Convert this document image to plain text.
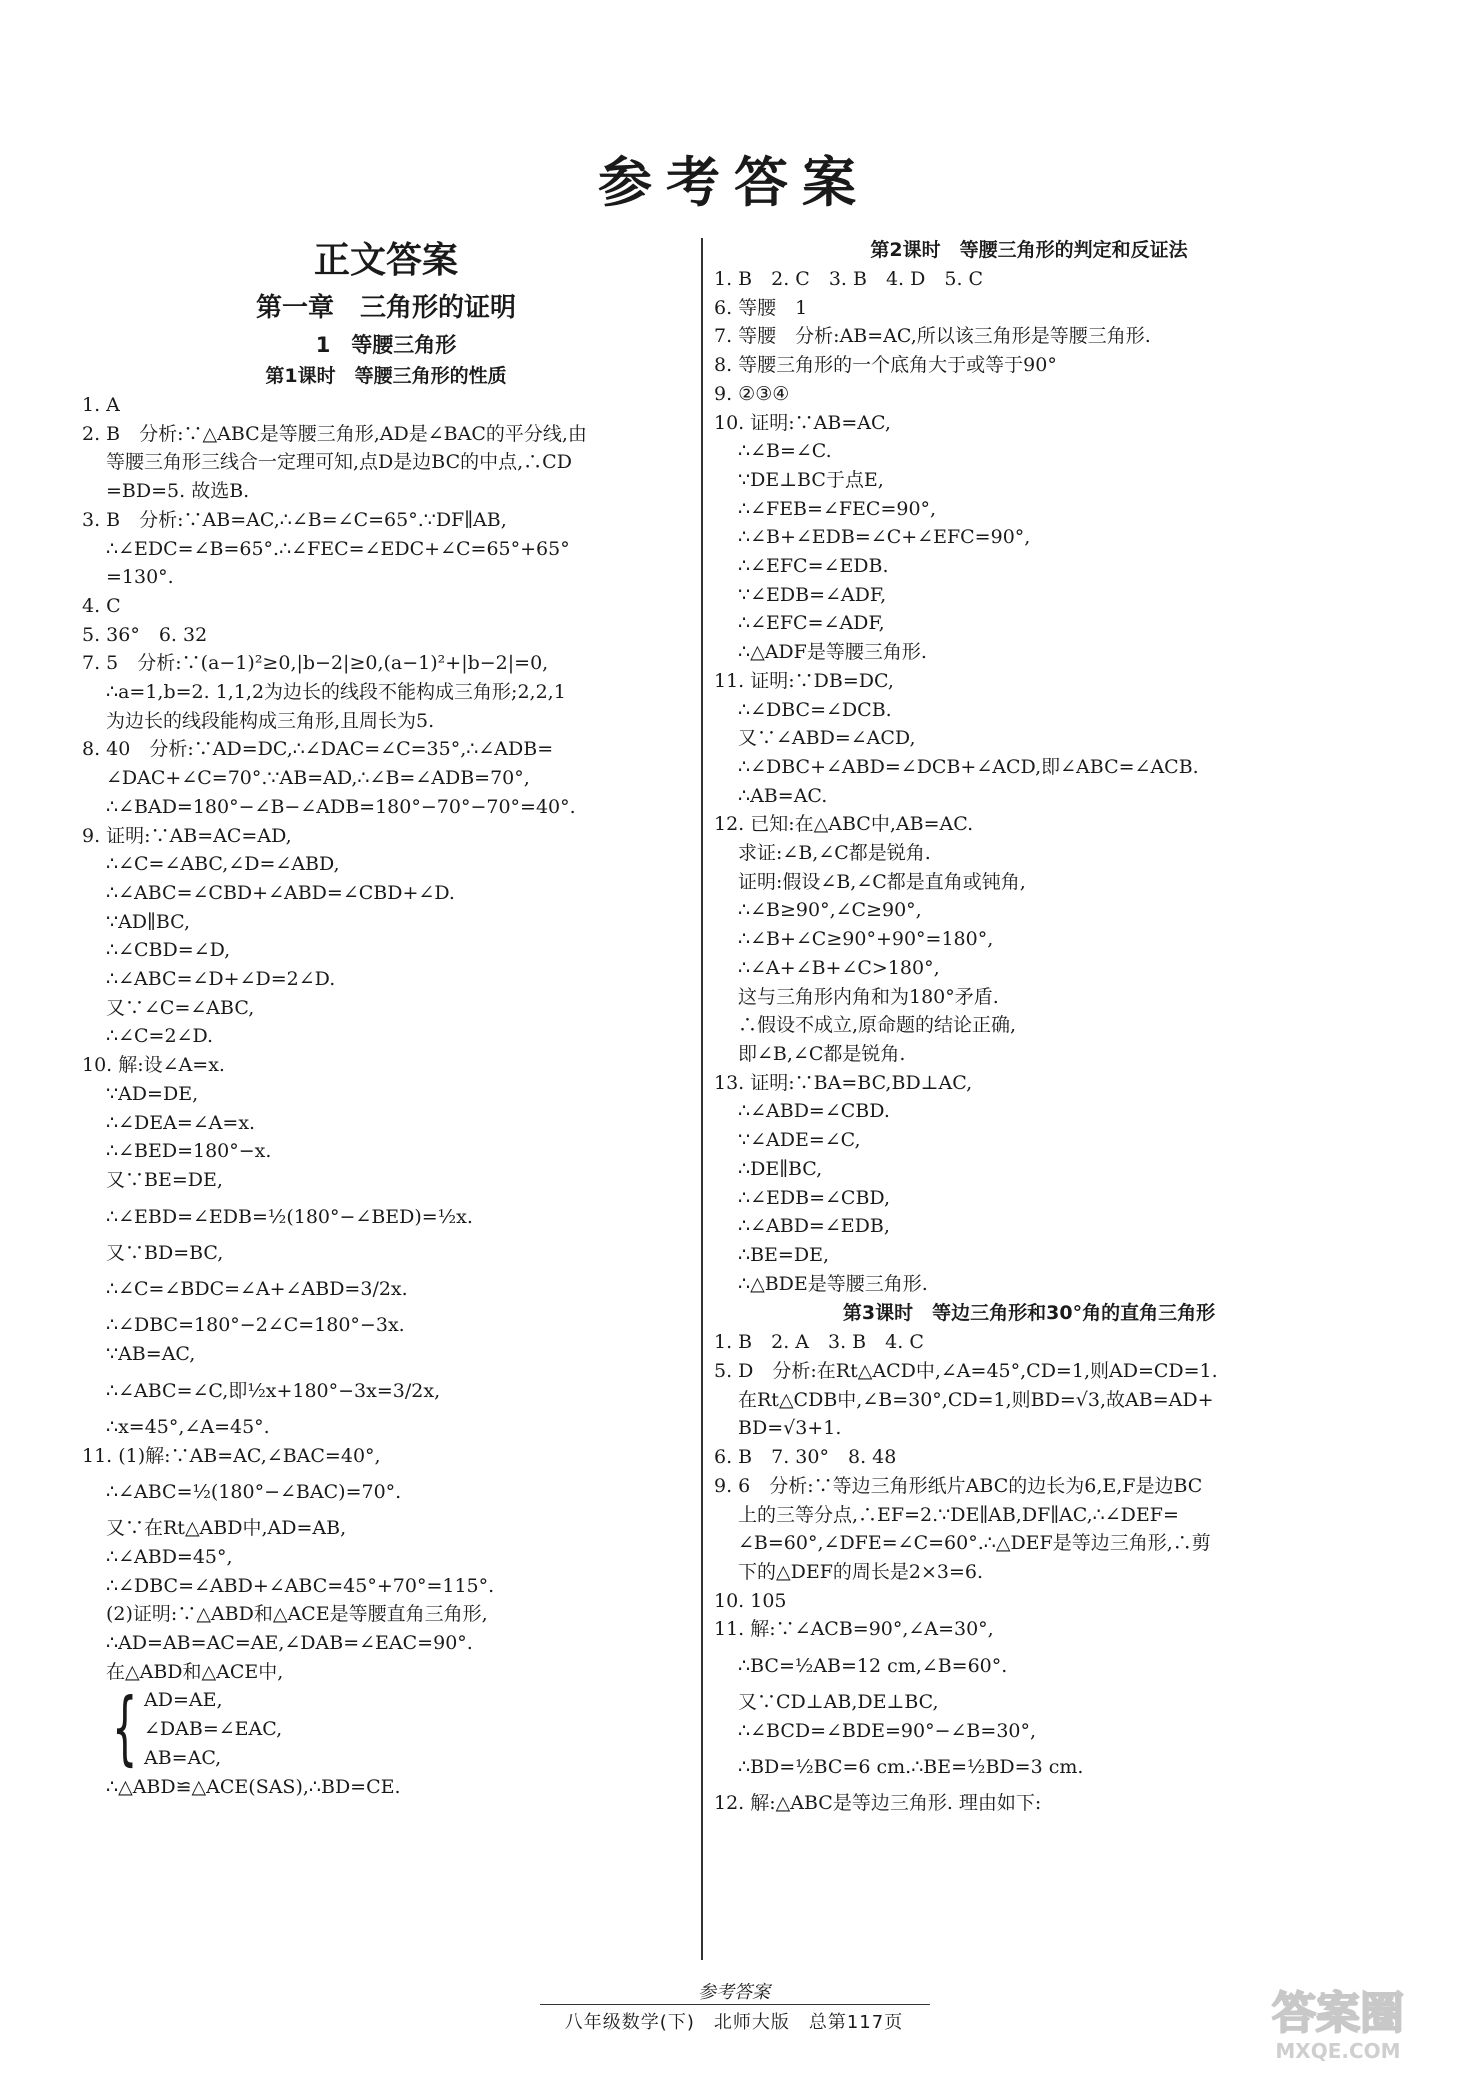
参考答案
正文答案
第一章　三角形的证明
1　等腰三角形
第1课时　等腰三角形的性质
1. A
2. B　分析:∵△ABC是等腰三角形,AD是∠BAC的平分线,由
等腰三角形三线合一定理可知,点D是边BC的中点,∴CD
=BD=5. 故选B.
3. B　分析:∵AB=AC,∴∠B=∠C=65°.∵DF∥AB,
∴∠EDC=∠B=65°.∴∠FEC=∠EDC+∠C=65°+65°
=130°.
4. C
5. 36°　6. 32
7. 5　分析:∵(a−1)²≥0,|b−2|≥0,(a−1)²+|b−2|=0,
∴a=1,b=2. 1,1,2为边长的线段不能构成三角形;2,2,1
为边长的线段能构成三角形,且周长为5.
8. 40　分析:∵AD=DC,∴∠DAC=∠C=35°,∴∠ADB=
∠DAC+∠C=70°.∵AB=AD,∴∠B=∠ADB=70°,
∴∠BAD=180°−∠B−∠ADB=180°−70°−70°=40°.
9. 证明:∵AB=AC=AD,
∴∠C=∠ABC,∠D=∠ABD,
∴∠ABC=∠CBD+∠ABD=∠CBD+∠D.
∵AD∥BC,
∴∠CBD=∠D,
∴∠ABC=∠D+∠D=2∠D.
又∵∠C=∠ABC,
∴∠C=2∠D.
10. 解:设∠A=x.
∵AD=DE,
∴∠DEA=∠A=x.
∴∠BED=180°−x.
又∵BE=DE,
∴∠EBD=∠EDB=½(180°−∠BED)=½x.
又∵BD=BC,
∴∠C=∠BDC=∠A+∠ABD=3/2x.
∴∠DBC=180°−2∠C=180°−3x.
∵AB=AC,
∴∠ABC=∠C,即½x+180°−3x=3/2x,
∴x=45°,∠A=45°.
11. (1)解:∵AB=AC,∠BAC=40°,
∴∠ABC=½(180°−∠BAC)=70°.
又∵在Rt△ABD中,AD=AB,
∴∠ABD=45°,
∴∠DBC=∠ABD+∠ABC=45°+70°=115°.
(2)证明:∵△ABD和△ACE是等腰直角三角形,
∴AD=AB=AC=AE,∠DAB=∠EAC=90°.
在△ABD和△ACE中,
{ AD=AE,
∠DAB=∠EAC,
AB=AC,
∴△ABD≌△ACE(SAS),∴BD=CE.
第2课时　等腰三角形的判定和反证法
1. B　2. C　3. B　4. D　5. C
6. 等腰　1
7. 等腰　分析:AB=AC,所以该三角形是等腰三角形.
8. 等腰三角形的一个底角大于或等于90°
9. ②③④
10. 证明:∵AB=AC,
∴∠B=∠C.
∵DE⊥BC于点E,
∴∠FEB=∠FEC=90°,
∴∠B+∠EDB=∠C+∠EFC=90°,
∴∠EFC=∠EDB.
∵∠EDB=∠ADF,
∴∠EFC=∠ADF,
∴△ADF是等腰三角形.
11. 证明:∵DB=DC,
∴∠DBC=∠DCB.
又∵∠ABD=∠ACD,
∴∠DBC+∠ABD=∠DCB+∠ACD,即∠ABC=∠ACB.
∴AB=AC.
12. 已知:在△ABC中,AB=AC.
求证:∠B,∠C都是锐角.
证明:假设∠B,∠C都是直角或钝角,
∴∠B≥90°,∠C≥90°,
∴∠B+∠C≥90°+90°=180°,
∴∠A+∠B+∠C>180°,
这与三角形内角和为180°矛盾.
∴假设不成立,原命题的结论正确,
即∠B,∠C都是锐角.
13. 证明:∵BA=BC,BD⊥AC,
∴∠ABD=∠CBD.
∵∠ADE=∠C,
∴DE∥BC,
∴∠EDB=∠CBD,
∴∠ABD=∠EDB,
∴BE=DE,
∴△BDE是等腰三角形.
第3课时　等边三角形和30°角的直角三角形
1. B　2. A　3. B　4. C
5. D　分析:在Rt△ACD中,∠A=45°,CD=1,则AD=CD=1.
在Rt△CDB中,∠B=30°,CD=1,则BD=√3,故AB=AD+
BD=√3+1.
6. B　7. 30°　8. 48
9. 6　分析:∵等边三角形纸片ABC的边长为6,E,F是边BC
上的三等分点,∴EF=2.∵DE∥AB,DF∥AC,∴∠DEF=
∠B=60°,∠DFE=∠C=60°.∴△DEF是等边三角形,∴剪
下的△DEF的周长是2×3=6.
10. 105
11. 解:∵∠ACB=90°,∠A=30°,
∴BC=½AB=12 cm,∠B=60°.
又∵CD⊥AB,DE⊥BC,
∴∠BCD=∠BDE=90°−∠B=30°,
∴BD=½BC=6 cm.∴BE=½BD=3 cm.
12. 解:△ABC是等边三角形. 理由如下:
参考答案
八年级数学(下)　北师大版　总第117页	答案圈
MXQE.COM
